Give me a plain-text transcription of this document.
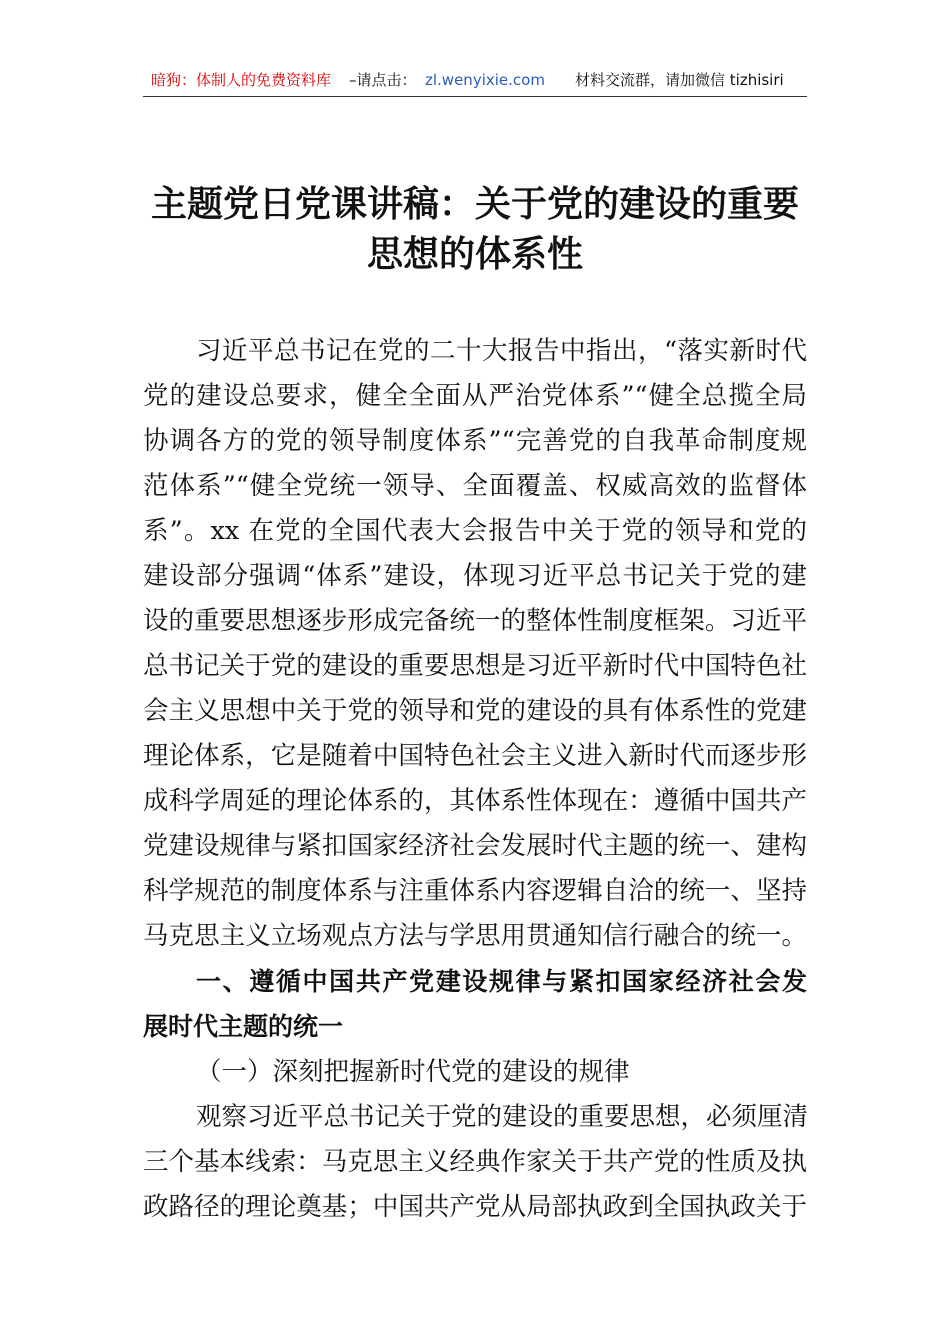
暗狗：体制人的免费资料库 –请点击： zl.wenyixie.com 材料交流群，请加微信 tizhisiri
主题党日党课讲稿：关于党的建设的重要
思想的体系性
习近平总书记在党的二十大报告中指出，“落实新时代
党的建设总要求，健全全面从严治党体系”“健全总揽全局
协调各方的党的领导制度体系”“完善党的自我革命制度规
范体系”“健全党统一领导、全面覆盖、权威高效的监督体
系”。xx 在党的全国代表大会报告中关于党的领导和党的
建设部分强调“体系”建设，体现习近平总书记关于党的建
设的重要思想逐步形成完备统一的整体性制度框架。习近平
总书记关于党的建设的重要思想是习近平新时代中国特色社
会主义思想中关于党的领导和党的建设的具有体系性的党建
理论体系，它是随着中国特色社会主义进入新时代而逐步形
成科学周延的理论体系的，其体系性体现在：遵循中国共产
党建设规律与紧扣国家经济社会发展时代主题的统一、建构
科学规范的制度体系与注重体系内容逻辑自洽的统一、坚持
马克思主义立场观点方法与学思用贯通知信行融合的统一。
一、遵循中国共产党建设规律与紧扣国家经济社会发
展时代主题的统一
（一）深刻把握新时代党的建设的规律
观察习近平总书记关于党的建设的重要思想，必须厘清
三个基本线索：马克思主义经典作家关于共产党的性质及执
政路径的理论奠基；中国共产党从局部执政到全国执政关于
